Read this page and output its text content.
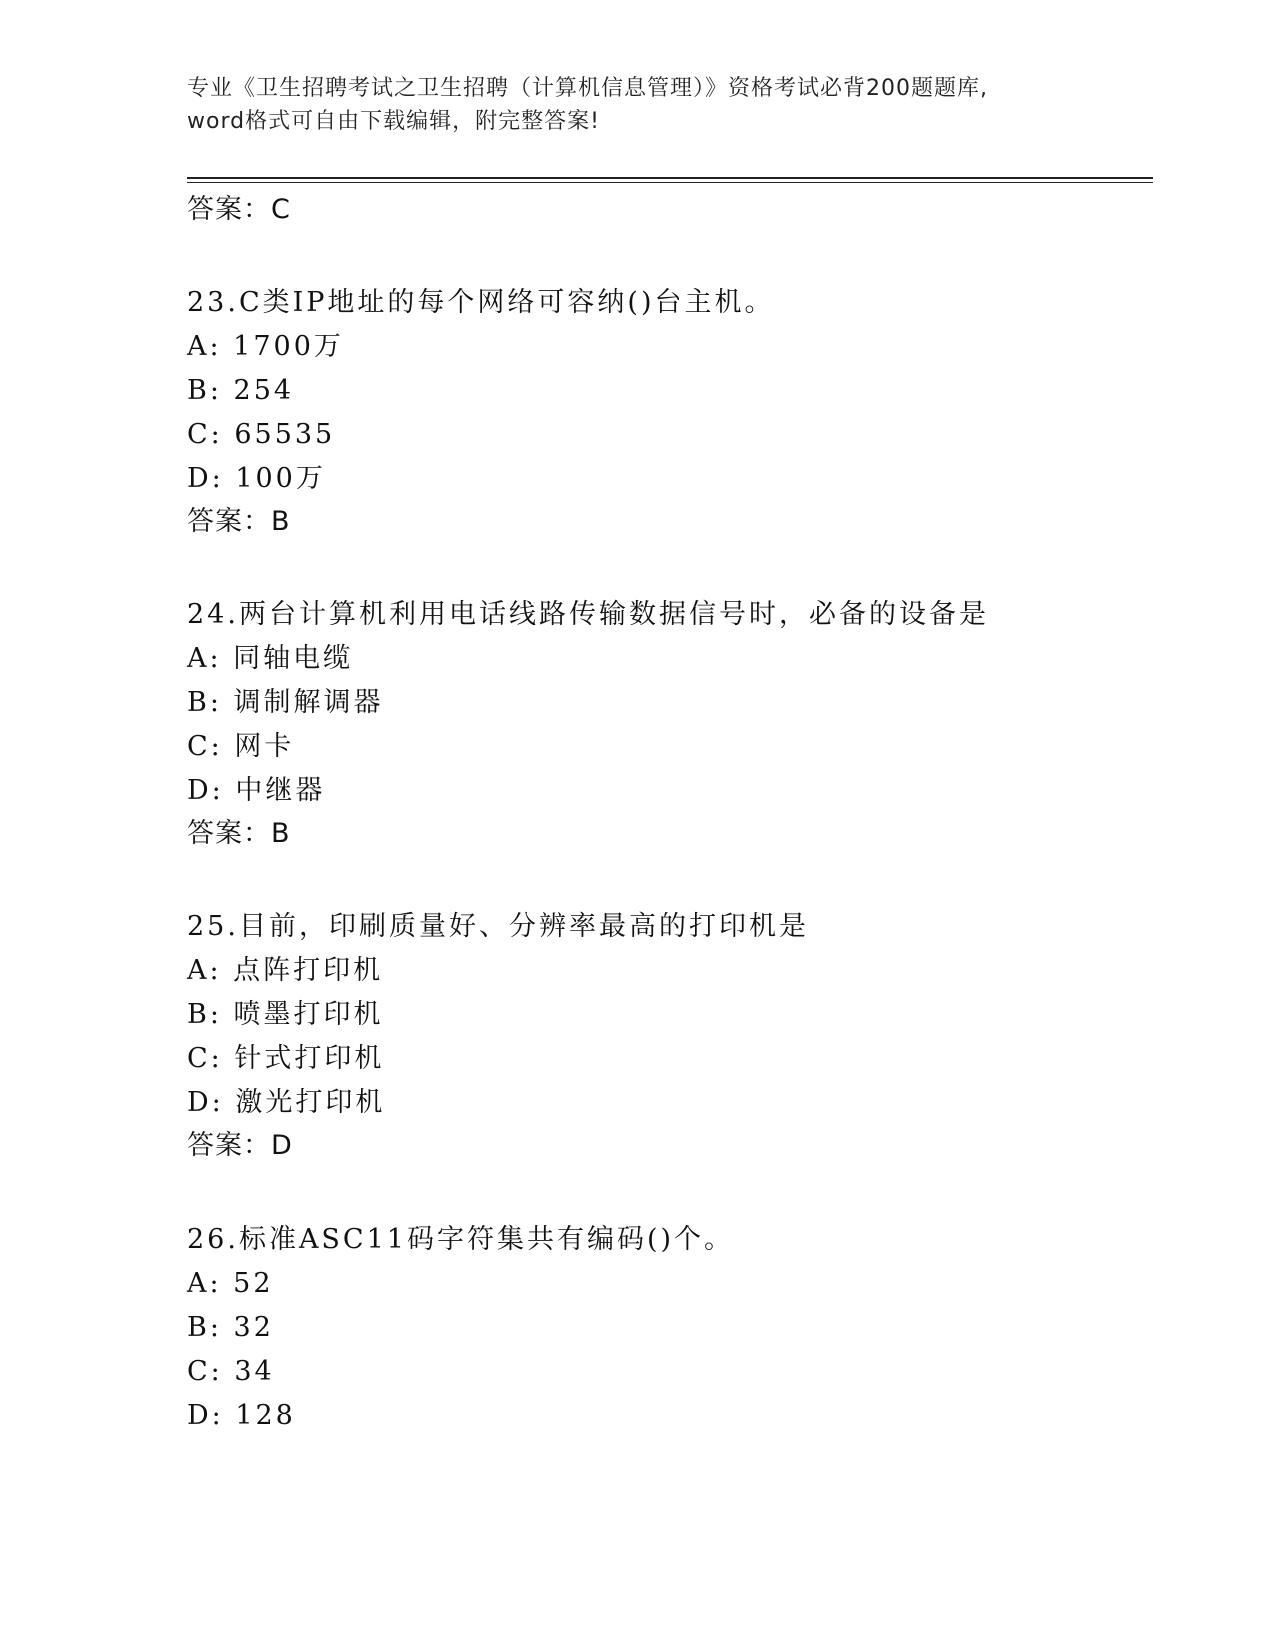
专业《卫生招聘考试之卫生招聘（计算机信息管理）》资格考试必背200题题库,
word格式可自由下载编辑，附完整答案!
答案：C
23.C类IP地址的每个网络可容纳()台主机。
A: 1700万
B: 254
C: 65535
D: 100万
答案：B
24.两台计算机利用电话线路传输数据信号时，必备的设备是
A: 同轴电缆
B: 调制解调器
C: 网卡
D: 中继器
答案：B
25.目前，印刷质量好、分辨率最高的打印机是
A: 点阵打印机
B: 喷墨打印机
C: 针式打印机
D: 激光打印机
答案：D
26.标准ASC11码字符集共有编码()个。
A: 52
B: 32
C: 34
D: 128
